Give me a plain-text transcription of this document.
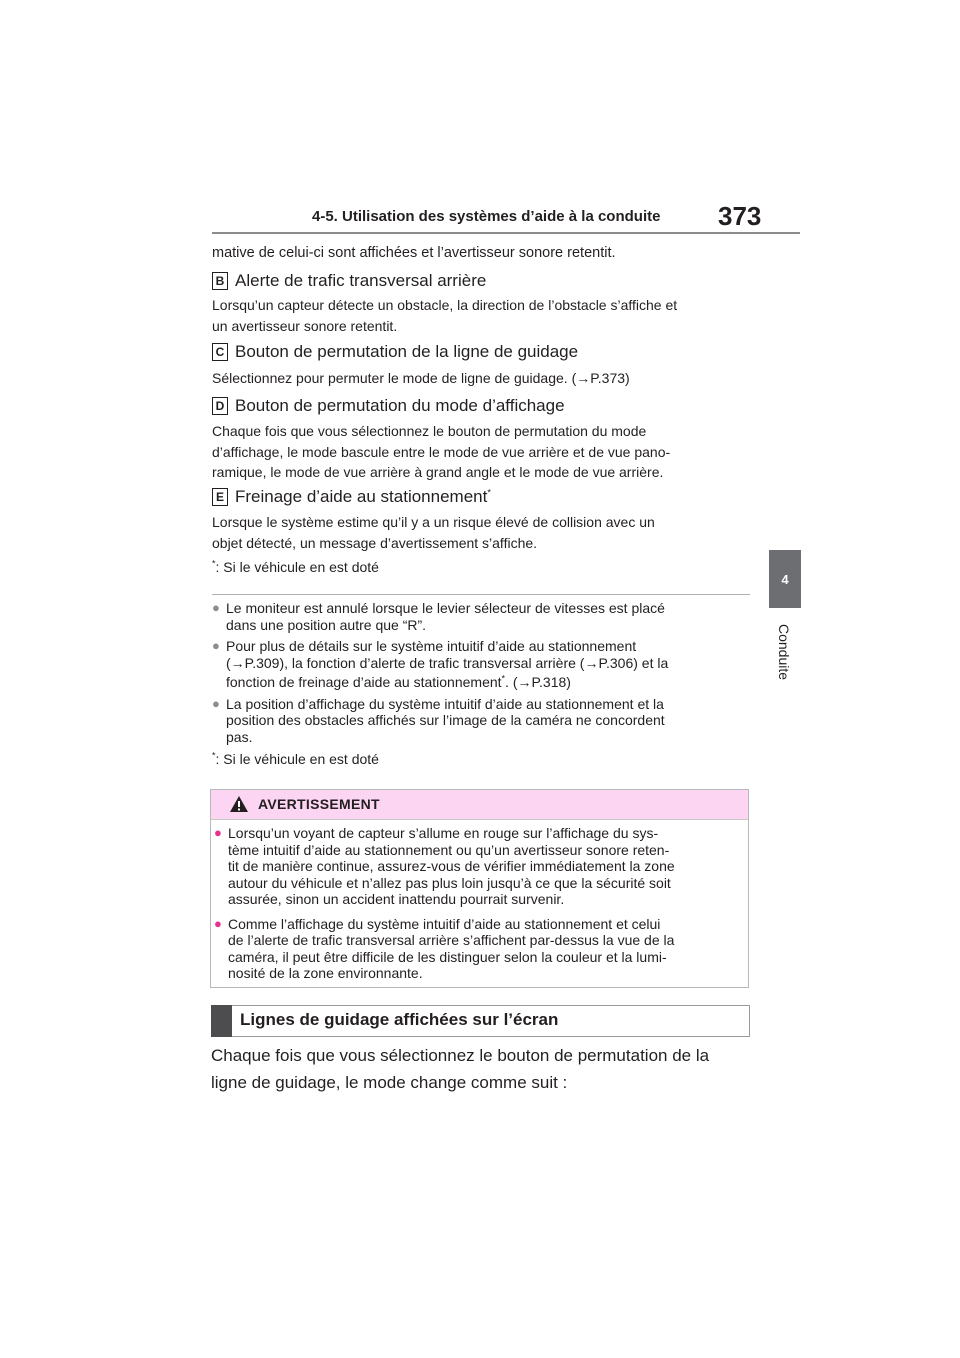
4-5. Utilisation des systèmes d’aide à la conduite 373
4
Conduite
mative de celui-ci sont affichées et l’avertisseur sonore retentit.
B Alerte de trafic transversal arrière
Lorsqu’un capteur détecte un obstacle, la direction de l’obstacle s’affiche et
un avertisseur sonore retentit.
C Bouton de permutation de la ligne de guidage
Sélectionnez pour permuter le mode de ligne de guidage. (→P.373)
D Bouton de permutation du mode d’affichage
Chaque fois que vous sélectionnez le bouton de permutation du mode
d’affichage, le mode bascule entre le mode de vue arrière et de vue pano-
ramique, le mode de vue arrière à grand angle et le mode de vue arrière.
E Freinage d’aide au stationnement*
Lorsque le système estime qu’il y a un risque élevé de collision avec un
objet détecté, un message d’avertissement s’affiche.
*: Si le véhicule en est doté
● Le moniteur est annulé lorsque le levier sélecteur de vitesses est placé
dans une position autre que “R”.
● Pour plus de détails sur le système intuitif d’aide au stationnement
(→P.309), la fonction d’alerte de trafic transversal arrière (→P.306) et la
fonction de freinage d’aide au stationnement*. (→P.318)
● La position d’affichage du système intuitif d’aide au stationnement et la
position des obstacles affichés sur l’image de la caméra ne concordent
pas.
*: Si le véhicule en est doté
AVERTISSEMENT
● Lorsqu’un voyant de capteur s’allume en rouge sur l’affichage du sys-
tème intuitif d’aide au stationnement ou qu’un avertisseur sonore reten-
tit de manière continue, assurez-vous de vérifier immédiatement la zone
autour du véhicule et n’allez pas plus loin jusqu’à ce que la sécurité soit
assurée, sinon un accident inattendu pourrait survenir.
● Comme l’affichage du système intuitif d’aide au stationnement et celui
de l’alerte de trafic transversal arrière s’affichent par-dessus la vue de la
caméra, il peut être difficile de les distinguer selon la couleur et la lumi-
nosité de la zone environnante.
Lignes de guidage affichées sur l’écran
Chaque fois que vous sélectionnez le bouton de permutation de la
ligne de guidage, le mode change comme suit :
